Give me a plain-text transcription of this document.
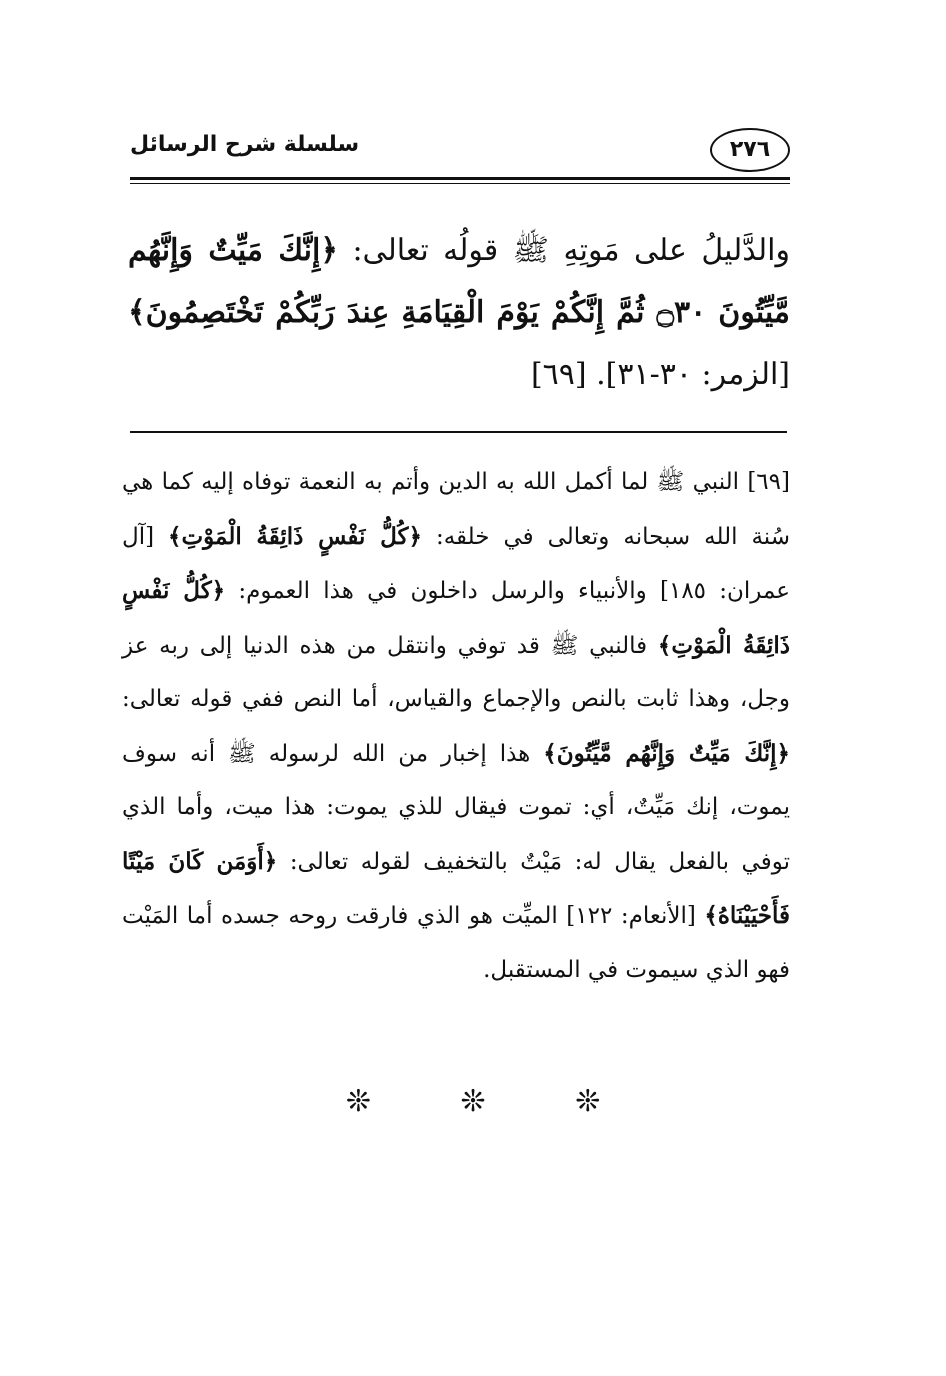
٢٧٦
سلسلة شرح الرسائل

والدَّليلُ على مَوتِهِ ﷺ قولُه تعالى: ﴿إِنَّكَ مَيِّتٌ وَإِنَّهُم مَّيِّتُونَ ۝٣٠ ثُمَّ إِنَّكُمْ يَوْمَ الْقِيَامَةِ عِندَ رَبِّكُمْ تَخْتَصِمُونَ﴾ [الزمر: ٣٠-٣١]. [٦٩]

[٦٩] النبي ﷺ لما أكمل الله به الدين وأتم به النعمة توفاه إليه كما هي سُنة الله سبحانه وتعالى في خلقه: ﴿كُلُّ نَفْسٍ ذَائِقَةُ الْمَوْتِ﴾ [آل عمران: ١٨٥] والأنبياء والرسل داخلون في هذا العموم: ﴿كُلُّ نَفْسٍ ذَائِقَةُ الْمَوْتِ﴾ فالنبي ﷺ قد توفي وانتقل من هذه الدنيا إلى ربه عز وجل، وهذا ثابت بالنص والإجماع والقياس، أما النص ففي قوله تعالى: ﴿إِنَّكَ مَيِّتٌ وَإِنَّهُم مَّيِّتُونَ﴾ هذا إخبار من الله لرسوله ﷺ أنه سوف يموت، إنك مَيِّتٌ، أي: تموت فيقال للذي يموت: هذا ميت، وأما الذي توفي بالفعل يقال له: مَيْتٌ بالتخفيف لقوله تعالى: ﴿أَوَمَن كَانَ مَيْتًا فَأَحْيَيْنَاهُ﴾ [الأنعام: ١٢٢] الميِّت هو الذي فارقت روحه جسده أما المَيْت فهو الذي سيموت في المستقبل.

❊ ❊ ❊
